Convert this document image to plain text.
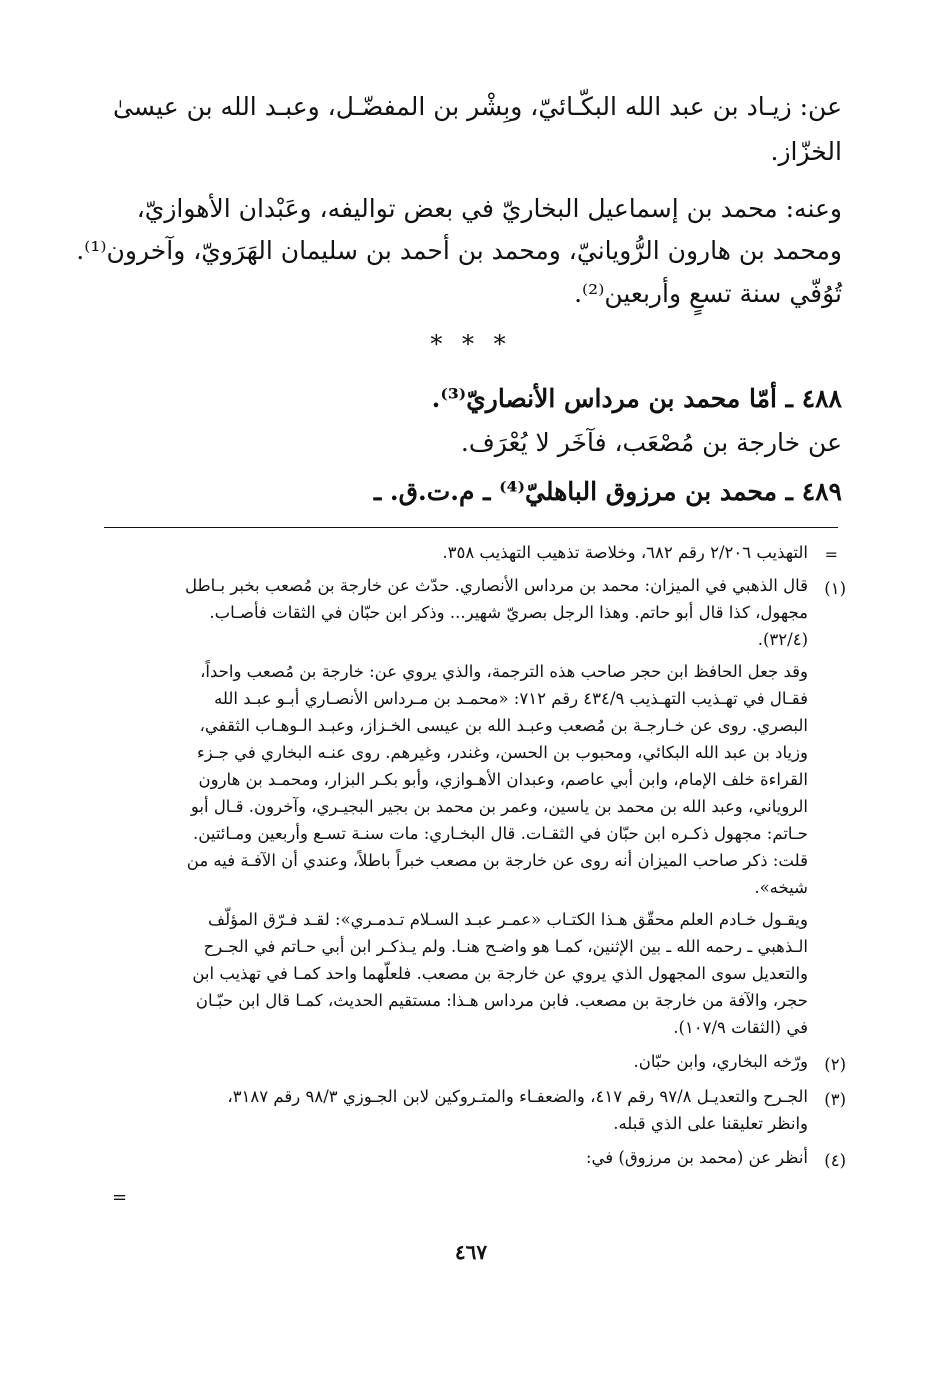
عن: زيـاد بن عبد الله البكّـائيّ، وبِشْر بن المفضّـل، وعبـد الله بن عيسىٰ
الخزّاز.
وعنه: محمد بن إسماعيل البخاريّ في بعض تواليفه، وعَبْدان الأهوازيّ،
ومحمد بن هارون الرُّويانيّ، ومحمد بن أحمد بن سليمان الهَرَويّ، وآخرون⁽¹⁾.
تُوُفّي سنة تسعٍ وأربعين⁽²⁾.
* * *
٤٨٨ ـ أمّا محمد بن مرداس الأنصاريّ⁽³⁾.
عن خارجة بن مُصْعَب، فآخَر لا يُعْرَف.
٤٨٩ ـ محمد بن مرزوق الباهليّ⁽⁴⁾ ـ م.ت.ق. ـ
=
التهذيب ٢/٢٠٦ رقم ٦٨٢، وخلاصة تذهيب التهذيب ٣٥٨.
(١)
قال الذهبي في الميزان: محمد بن مرداس الأنصاري. حدّث عن خارجة بن مُصعب بخبر بـاطل
مجهول، كذا قال أبو حاتم. وهذا الرجل بصريّ شهير... وذكر ابن حبّان في الثقات فأصـاب.
(٣٢/٤).
وقد جعل الحافظ ابن حجر صاحب هذه الترجمة، والذي يروي عن: خارجة بن مُصعب واحداً،
فقـال في تهـذيب التهـذيب ٤٣٤/٩ رقم ٧١٢: «محمـد بن مـرداس الأنصـاري أبـو عبـد الله
البصري. روى عن خـارجـة بن مُصعب وعبـد الله بن عيسى الخـزاز، وعبـد الـوهـاب الثقفي،
وزياد بن عبد الله البكائي، ومحبوب بن الحسن، وغندر، وغيرهم. روى عنـه البخاري في جـزء
القراءة خلف الإمام، وابن أبي عاصم، وعبدان الأهـوازي، وأبو بكـر البزار، ومحمـد بن هارون
الروياني، وعبد الله بن محمد بن ياسين، وعمر بن محمد بن بجير البجيـري، وآخرون. قـال أبو
حـاتم: مجهول ذكـره ابن حبّان في الثقـات. قال البخـاري: مات سنـة تسـع وأربعين ومـائتين.
قلت: ذكر صاحب الميزان أنه روى عن خارجة بن مصعب خبراً باطلاً، وعندي أن الآفـة فيه من
شيخه».
ويقـول خـادم العلم محقّق هـذا الكتـاب «عمـر عبـد السـلام تـدمـري»: لقـد فـرّق المؤلّف
الـذهبي ـ رحمه الله ـ بين الإثنين، كمـا هو واضـح هنـا. ولم يـذكـر ابن أبي حـاتم في الجـرح
والتعديل سوى المجهول الذي يروي عن خارجة بن مصعب. فلعلّهما واحد كمـا في تهذيب ابن
حجر، والآفة من خارجة بن مصعب. فابن مرداس هـذا: مستقيم الحديث، كمـا قال ابن حبّـان
في (الثقات ١٠٧/٩).
(٢)
ورّخه البخاري، وابن حبّان.
(٣)
الجـرح والتعديـل ٩٧/٨ رقم ٤١٧، والضعفـاء والمتـروكين لابن الجـوزي ٩٨/٣ رقم ٣١٨٧،
وانظر تعليقنا على الذي قبله.
(٤)
أنظر عن (محمد بن مرزوق) في:
=
٤٦٧
